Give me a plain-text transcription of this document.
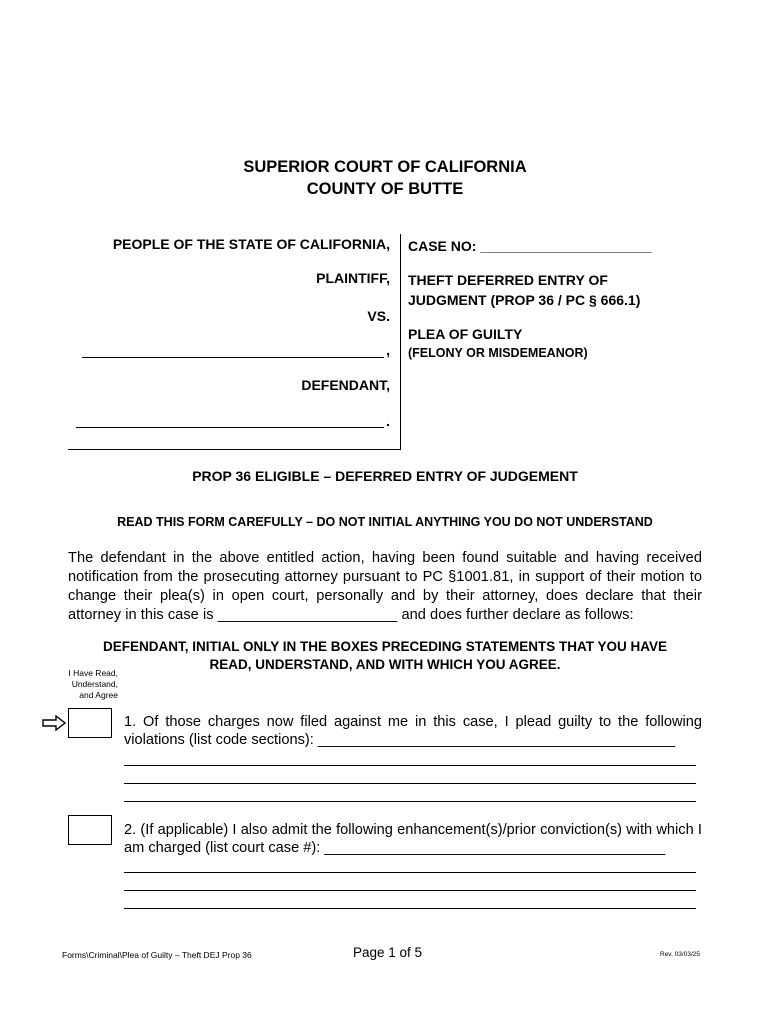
SUPERIOR COURT OF CALIFORNIA
COUNTY OF BUTTE
PEOPLE OF THE STATE OF CALIFORNIA,
PLAINTIFF,
VS.
,
DEFENDANT,
.
CASE NO: ______________________
THEFT DEFERRED ENTRY OF
JUDGMENT (PROP 36 / PC § 666.1)
PLEA OF GUILTY
(FELONY OR MISDEMEANOR)
PROP 36 ELIGIBLE – DEFERRED ENTRY OF JUDGEMENT
READ THIS FORM CAREFULLY – DO NOT INITIAL ANYTHING YOU DO NOT UNDERSTAND
The defendant in the above entitled action, having been found suitable and having received notification from the prosecuting attorney pursuant to PC §1001.81, in support of their motion to change their plea(s) in open court, personally and by their attorney, does declare that their attorney in this case is ______________________ and does further declare as follows:
DEFENDANT, INITIAL ONLY IN THE BOXES PRECEDING STATEMENTS THAT YOU HAVE
READ, UNDERSTAND, AND WITH WHICH YOU AGREE.
I Have Read,
Understand,
and Agree
1. Of those charges now filed against me in this case, I plead guilty to the following violations (list code sections): ____________________________________________
2. (If applicable) I also admit the following enhancement(s)/prior conviction(s) with which I am charged (list court case #): __________________________________________
Forms\Criminal\Plea of Guilty – Theft DEJ Prop 36	Page 1 of 5	Rev. 03/03/25
